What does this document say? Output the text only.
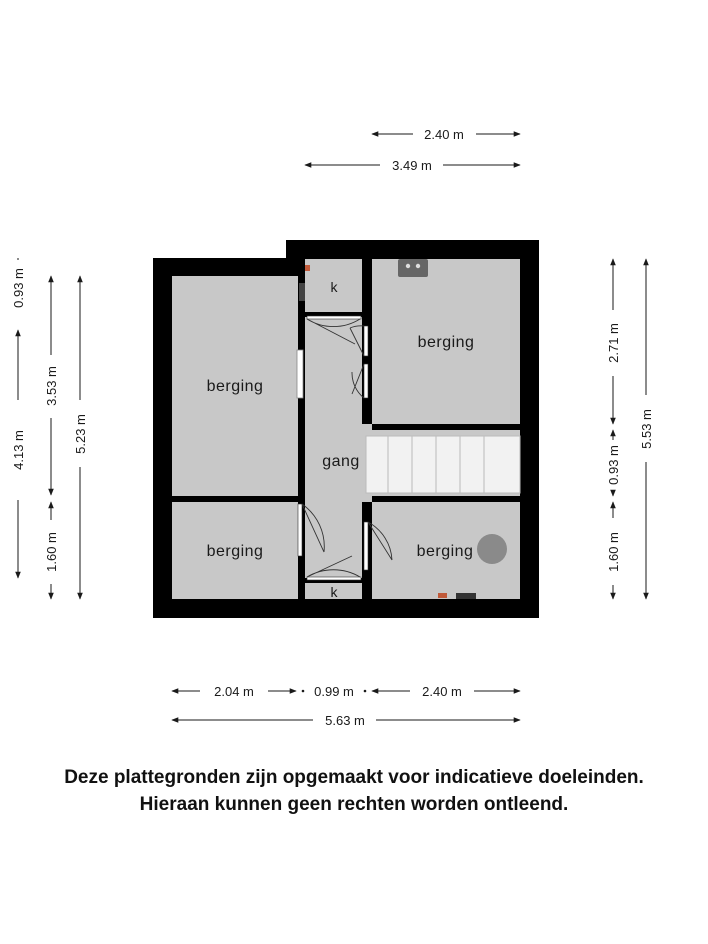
berging
berging
berging
berging
gang
k
k
2.40 m
3.49 m
0.93 m
4.13 m
3.53 m
1.60 m
5.23 m
2.71 m
0.93 m
1.60 m
5.53 m
2.04 m	0.99 m	2.40 m
5.63 m
Deze plattegronden zijn opgemaakt voor indicatieve doeleinden.
Hieraan kunnen geen rechten worden ontleend.
